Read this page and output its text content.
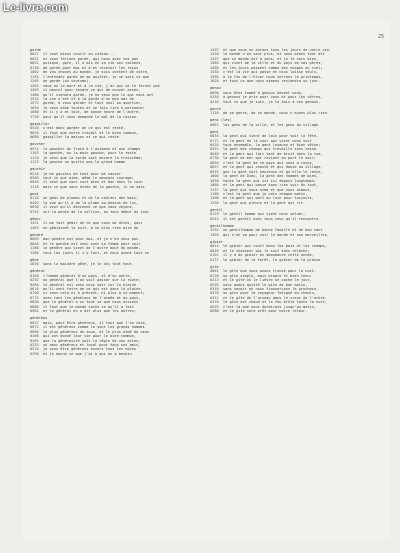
Le-livre.com
25
garde
0021 il vaut mieux courir au coteau...
0031 et vous ferions garde, qui nous avez vos pas
0051 puisque, gare, il a mis en sa vie ses raisons,
0130 de garde pour moi et d'en recevoir les reçus
1002 de vos choses au monde, je suis content de votre,
1145 l'entendez garde de me quitter, je ne sais ce que
1265 de garde (ou coutume).
1362 vous en la mort et à la vie, j'ai qui ne le feront pas
1403 il mourut pour tendre ce qui de nouvel assez,
1480 qu'il viendra garde, je ne veux que le qui nous ont
1525 la vue n'est et à la garde d'un bon ami de
1573 garde, à vous garder et tout seul au quartier,
1650 je vous aime toutes et ne fais rien à personne;
1680 et il y a et tout, de bonne heure de l'autre,
1720 pour qu'il vous demande le mal de la raison.
gaspiller
0520 c'est donc garder de ce qui est resté,
0620 il faut que votre travail et le bien commun,
0680 gaspiller la maison et ce qui reste
gaucher
0574 le gaucher du froid à l'automne et aux champs
1103 la gauche, ou la main gauche, pour le reste
1120 je veux que la corde soit encore la troisième;
1123 la gauche ne quitte pas le grand homme
gauchir
0216 je me gauchis de tout pour me sauver
0560 tout ce qui aime, même le mauvais courage;
0840 il veut que tout soit bien et bon dans le coin
1116 mais ce que vous dites de la gauche, je ne sais
geai
0118 un geai de plumes et de la couleur des bois;
0403 la vue qu'il a de la plume au-dessus de lui,
0690 il veut qu'il devienne ce que nous voyons,
0745 sur la pente de la colline, au tout début du jour
gémir
1431 il me fait gémir de ce que vous me dites, pour
1463 en gémissant la nuit, à ne plus rien dire de
gendre
0603 mon gendre est pour moi, et je n'en veux pas
0648 et le gendre est venu avec sa femme pour voir
1186 le gendre qui vient de l'autre bout du monde,
1286 tous les jours il s'y fait, et nous avons tout ce
gêne
1030 sans la moindre gêne, je le dis tout haut.
général
0169 l'homme général d'un pays, et d'un autre,
0252 au général que l'on voit passer sur la route;
0460 le général est venu nous voir sur la plaine
0610 qu'il veut faire de ce qui est dans la plaine,
0700 ni sans cela ni à présent, ni plus à ce moment;
0775 avec tous les généraux de l'armée et du pays,
0850 que le général a vu tout ce que nous disions
0886 il faut que le monde sache ce qu'il a fait
0981 et le général en a dit plus que les autres;
généreux
0057 mais, pour être généreux, il faut que l'on voie,
0072 il est généreux comme le sont les grands hommes
0096 le plus généreux de tous, et le plus aimé de ceux
0106 qui ont donné leur vie pour le bien commun,
0165 que la générosité soit la règle de nos actes,
0233 un cœur généreux et loyal pour tous ses amis,
0274 je veux être généreux envers tous les miens
0290 et je donne ce que j'ai à qui en a besoin
1407 et que nous en aurons tous les jours de notre vie,
1420 le monde n'en veut plus, et nous avons tout dit
1437 que ce monde est à vous, et je le sais bien,
1485 qui vient de la ville et du pays de nos pères,
1488 et les jours passent comme des nuages au ciel;
1530 c'est la vie qui passe et nous laisse seuls,
1580 à la fin de l'hiver nous verrons le printemps,
1620 et tout ce que nous aimons reviendra un jour.
genou
0090 vous êtes tombé à genoux devant nous,
0150 à genoux je prie pour vous et pour les vôtres,
0216 tout ce que je suis, je le dois à vos genoux.
genre
1120 de ce genre, de ce monde, nous n'avons plus rien.
gens (les)
0081 les gens de la ville, et les gens du village
gent
0035 la gent qui vient de loin pour voir la fête,
0171 et la gent de la cour qui vient nous voir
0420 tous ensemble, la gent joyeuse et bien vêtue;
0551 la gent des champs qui travaille sans cesse
0640 et la gent qui fait tant de bruit dans la rue,
0736 la gent de mer qui revient au port le soir;
0804 c'est la gent de ce pays qui nous a reçus,
0857 et la gent qui chante et qui danse au village,
0915 que la gent soit heureuse et qu'elle le reste,
1006 la gent de Dieu, la gent des hommes de bien,
1036 toute la gent qui vit ici depuis longtemps;
1080 et la gent qui passe sans rien voir du tout,
1137 la gent qui nous aime et que nous aimons,
1186 c'est la gent que je vois chaque matin,
1208 et la gent qui part au loin pour toujours,
1256 la gent qui pleure et la gent qui rit
gentil
0129 le gentil homme qui vient nous saluer,
0241 il est gentil avec tous ceux qu'il rencontre.
gentilhomme
1292 un gentilhomme de bonne famille et de bon cœur
1303 qui s'en va pour voir le monde et ses merveilles.
gibier
0014 le gibier qui court dans les bois et les champs,
0040 et le chasseur qui le suit sans relâche;
0101 il y a du gibier en abondance cette année,
0137 le gibier de la forêt, le gibier de la plaine
gîte
0061 le gîte que nous avons trouvé pour la nuit,
0120 un gîte simple, mais propre et bien tenu;
0213 et le gîte où le lièvre se cache le jour,
0255 nous avons quitté le gîte de bon matin,
0310 sans savoir où nous trouverions le prochain,
0378 un gîte pour le voyageur fatigué du chemin,
0421 et le gîte de l'oiseau dans le creux de l'arbre,
0470 le gîte est chaud et le feu brûle toute la nuit;
0525 c'est là que nous dormirons jusqu'au matin,
0588 et le gîte sera prêt pour notre retour.
